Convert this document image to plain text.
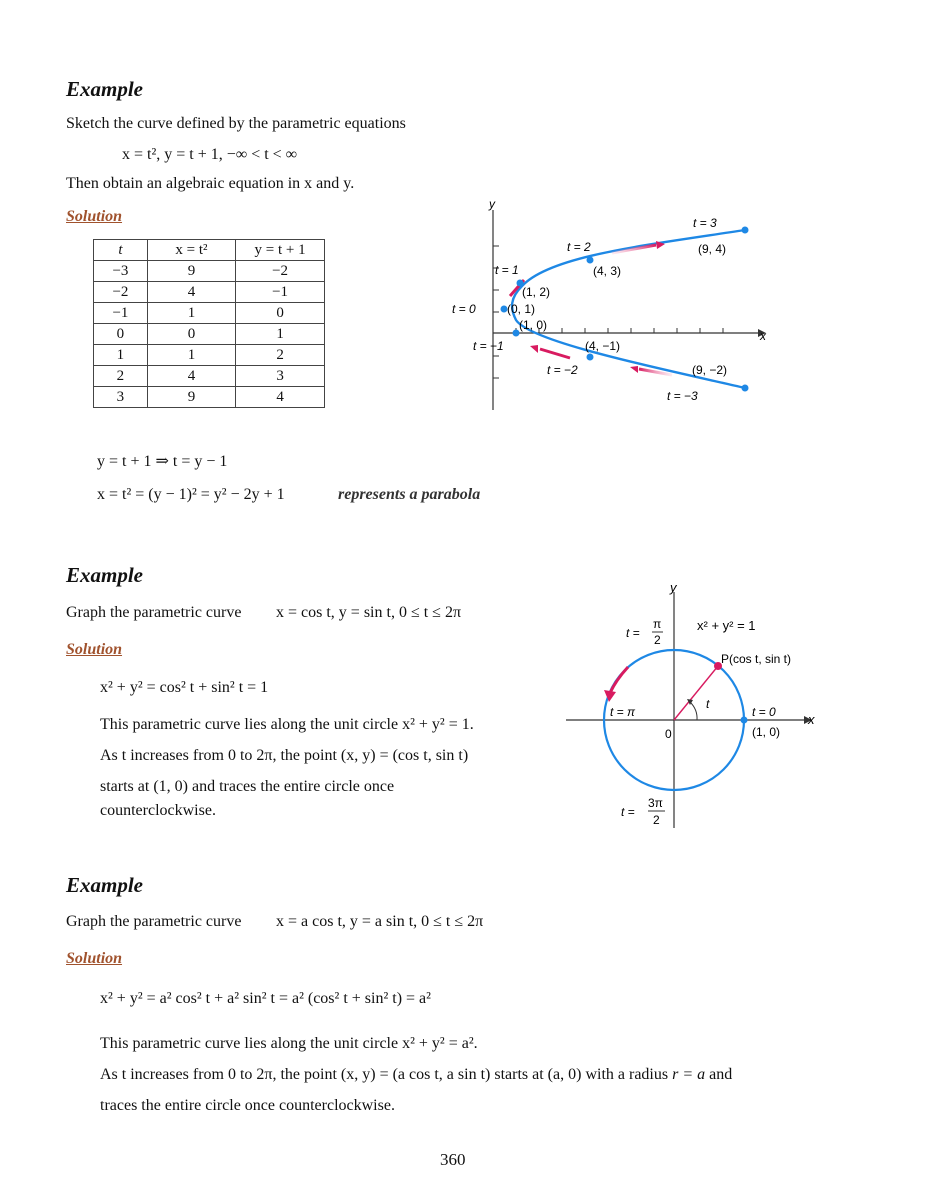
Example
Sketch the curve defined by the parametric equations
x = t², y = t + 1, −∞ < t < ∞
Then obtain an algebraic equation in x and y.
Solution
t	x = t²	y = t + 1
−3	9	−2
−2	4	−1
−1	1	0
0	0	1
1	1	2
2	4	3
3	9	4
y = t + 1 ⇒ t = y − 1
x = t² = (y − 1)² = y² − 2y + 1	represents a parabola
x
y
(9, 4)
(4, 3)
(1, 2)
(0, 1)
(1, 0)
(4, −1)
(9, −2)
t = 3
t = 2
t = 1
t = 0
t = −1
t = −2
t = −3
Example
Graph the parametric curve x = cos t, y = sin t, 0 ≤ t ≤ 2π
Solution
x² + y² = cos² t + sin² t = 1
This parametric curve lies along the unit circle x² + y² = 1.
As t increases from 0 to 2π, the point (x, y) = (cos t, sin t)
starts at (1, 0) and traces the entire circle once
counterclockwise.
x
y
t
x² + y² = 1
P(cos t, sin t)
t = 0
(1, 0)
t = π
0
t =
π
2
t =
3π
2
Example
Graph the parametric curve x = a cos t, y = a sin t, 0 ≤ t ≤ 2π
Solution
x² + y² = a² cos² t + a² sin² t = a² (cos² t + sin² t) = a²
This parametric curve lies along the unit circle x² + y² = a².
As t increases from 0 to 2π, the point (x, y) = (a cos t, a sin t) starts at (a, 0) with a radius r = a and
traces the entire circle once counterclockwise.
360
